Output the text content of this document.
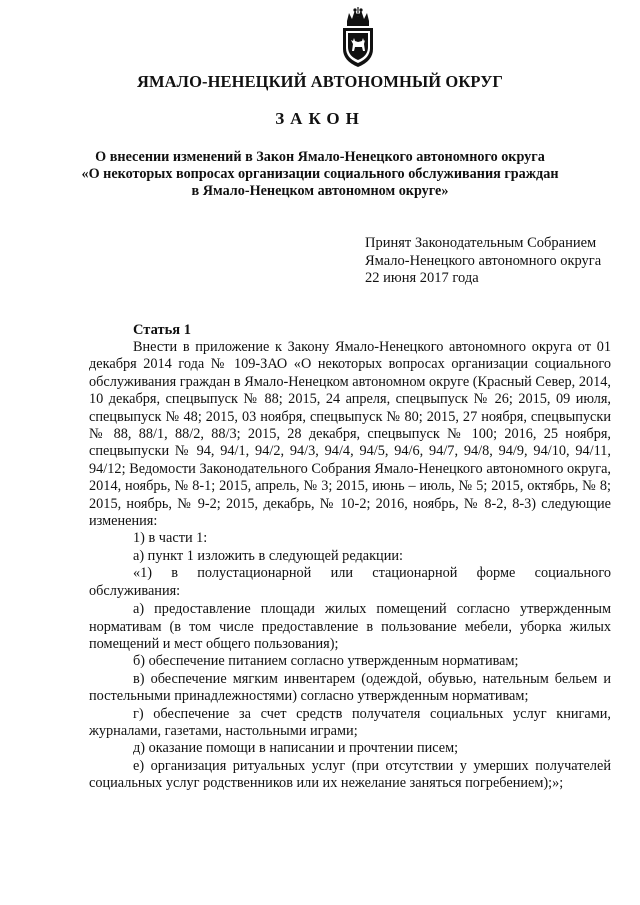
ЯМАЛО-НЕНЕЦКИЙ АВТОНОМНЫЙ ОКРУГ
ЗАКОН
О внесении изменений в Закон Ямало-Ненецкого автономного округа
«О некоторых вопросах организации социального обслуживания граждан
в Ямало-Ненецком автономном округе»
Принят Законодательным Собранием
Ямало-Ненецкого автономного округа
22 июня 2017 года
Статья 1

Внести в приложение к Закону Ямало-Ненецкого автономного округа от 01 декабря 2014 года № 109-ЗАО «О некоторых вопросах организации социального обслуживания граждан в Ямало-Ненецком автономном округе (Красный Север, 2014, 10 декабря, спецвыпуск № 88; 2015, 24 апреля, спецвыпуск № 26; 2015, 09 июля, спецвыпуск № 48; 2015, 03 ноября, спецвыпуск № 80; 2015, 27 ноября, спецвыпуски № 88, 88/1, 88/2, 88/3; 2015, 28 декабря, спецвыпуск № 100; 2016, 25 ноября, спецвыпуски № 94, 94/1, 94/2, 94/3, 94/4, 94/5, 94/6, 94/7, 94/8, 94/9, 94/10, 94/11, 94/12; Ведомости Законодательного Собрания Ямало-Ненецкого автономного округа, 2014, ноябрь, № 8-1; 2015, апрель, № 3; 2015, июнь – июль, № 5; 2015, октябрь, № 8; 2015, ноябрь, № 9-2; 2015, декабрь, № 10-2; 2016, ноябрь, № 8-2, 8-3) следующие изменения:

1) в части 1:

а) пункт 1 изложить в следующей редакции:

«1) в полустационарной или стационарной форме социального обслуживания:

а) предоставление площади жилых помещений согласно утвержденным нормативам (в том числе предоставление в пользование мебели, уборка жилых помещений и мест общего пользования);

б) обеспечение питанием согласно утвержденным нормативам;

в) обеспечение мягким инвентарем (одеждой, обувью, нательным бельем и постельными принадлежностями) согласно утвержденным нормативам;

г) обеспечение за счет средств получателя социальных услуг книгами, журналами, газетами, настольными играми;

д) оказание помощи в написании и прочтении писем;

е) организация ритуальных услуг (при отсутствии у умерших получателей социальных услуг родственников или их нежелание заняться погребением);»;
